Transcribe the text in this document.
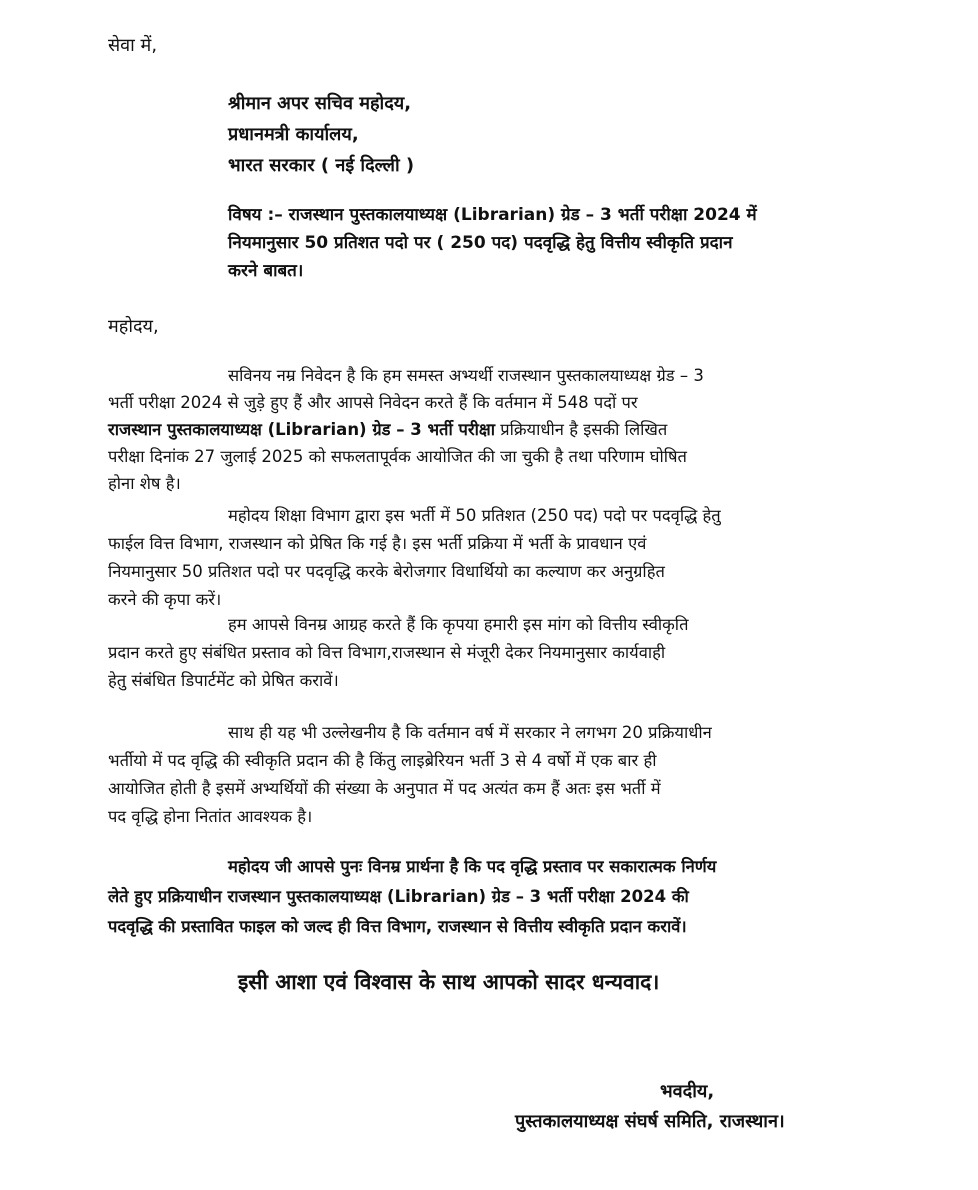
सेवा में,
श्रीमान अपर सचिव महोदय,
प्रधानमत्री कार्यालय,
भारत सरकार ( नई दिल्ली )
विषय :– राजस्थान पुस्तकालयाध्यक्ष (Librarian) ग्रेड – 3 भर्ती परीक्षा 2024 में
नियमानुसार 50 प्रतिशत पदो पर ( 250 पद) पदवृद्धि हेतु वित्तीय स्वीकृति प्रदान
करने बाबत।
महोदय,
सविनय नम्र निवेदन है कि हम समस्त अभ्यर्थी राजस्थान पुस्तकालयाध्यक्ष ग्रेड – 3
भर्ती परीक्षा 2024 से जुड़े हुए हैं और आपसे निवेदन करते हैं कि वर्तमान में 548 पदों पर
राजस्थान पुस्तकालयाध्यक्ष (Librarian) ग्रेड – 3 भर्ती परीक्षा प्रक्रियाधीन है इसकी लिखित
परीक्षा दिनांक 27 जुलाई 2025 को सफलतापूर्वक आयोजित की जा चुकी है तथा परिणाम घोषित
होना शेष है।
महोदय शिक्षा विभाग द्वारा इस भर्ती में 50 प्रतिशत (250 पद) पदो पर पदवृद्धि हेतु
फाईल वित्त विभाग, राजस्थान को प्रेषित कि गई है। इस भर्ती प्रक्रिया में भर्ती के प्रावधान एवं
नियमानुसार 50 प्रतिशत पदो पर पदवृद्धि करके बेरोजगार विधार्थियो का कल्याण कर अनुग्रहित
करने की कृपा करें।
हम आपसे विनम्र आग्रह करते हैं कि कृपया हमारी इस मांग को वित्तीय स्वीकृति
प्रदान करते हुए संबंधित प्रस्ताव को वित्त विभाग,राजस्थान से मंजूरी देकर नियमानुसार कार्यवाही
हेतु संबंधित डिपार्टमेंट को प्रेषित करावें।
साथ ही यह भी उल्लेखनीय है कि वर्तमान वर्ष में सरकार ने लगभग 20 प्रक्रियाधीन
भर्तीयो में पद वृद्धि की स्वीकृति प्रदान की है किंतु लाइब्रेरियन भर्ती 3 से 4 वर्षो में एक बार ही
आयोजित होती है इसमें अभ्यर्थियों की संख्या के अनुपात में पद अत्यंत कम हैं अतः इस भर्ती में
पद वृद्धि होना नितांत आवश्यक है।
महोदय जी आपसे पुनः विनम्र प्रार्थना है कि पद वृद्धि प्रस्ताव पर सकारात्मक निर्णय
लेते हुए प्रक्रियाधीन राजस्थान पुस्तकालयाध्यक्ष (Librarian) ग्रेड – 3 भर्ती परीक्षा 2024 की
पदवृद्धि की प्रस्तावित फाइल को जल्द ही वित्त विभाग, राजस्थान से वित्तीय स्वीकृति प्रदान करावें।
इसी आशा एवं विश्वास के साथ आपको सादर धन्यवाद।
भवदीय,
पुस्तकालयाध्यक्ष संघर्ष समिति, राजस्थान।
